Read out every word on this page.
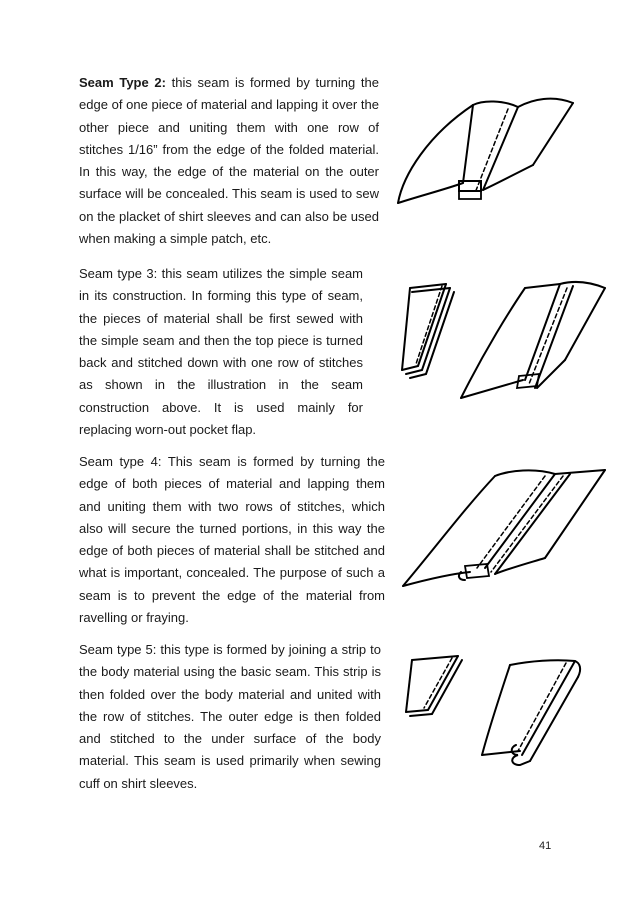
Seam Type 2: this seam is formed by turning the edge of one piece of material and lapping it over the other piece and uniting them with one row of stitches 1/16” from the edge of the folded material. In this way, the edge of the material on the outer surface will be concealed. This seam is used to sew on the placket of shirt sleeves and can also be used when making a simple patch, etc.

Seam type 3: this seam utilizes the simple seam in its construction. In forming this type of seam, the pieces of material shall be first sewed with the simple seam and then the top piece is turned back and stitched down with one row of stitches as shown in the illustration in the seam construction above. It is used mainly for replacing worn-out pocket flap.

Seam type 4: This seam is formed by turning the edge of both pieces of material and lapping them and uniting them with two rows of stitches, which also will secure the turned portions, in this way the edge of both pieces of material shall be stitched and what is important, concealed. The purpose of such a seam is to prevent the edge of the material from ravelling or fraying.

Seam type 5: this type is formed by joining a strip to the body material using the basic seam. This strip is then folded over the body material and united with the row of stitches. The outer edge is then folded and stitched to the under surface of the body material. This seam is used primarily when sewing cuff on shirt sleeves.

41
